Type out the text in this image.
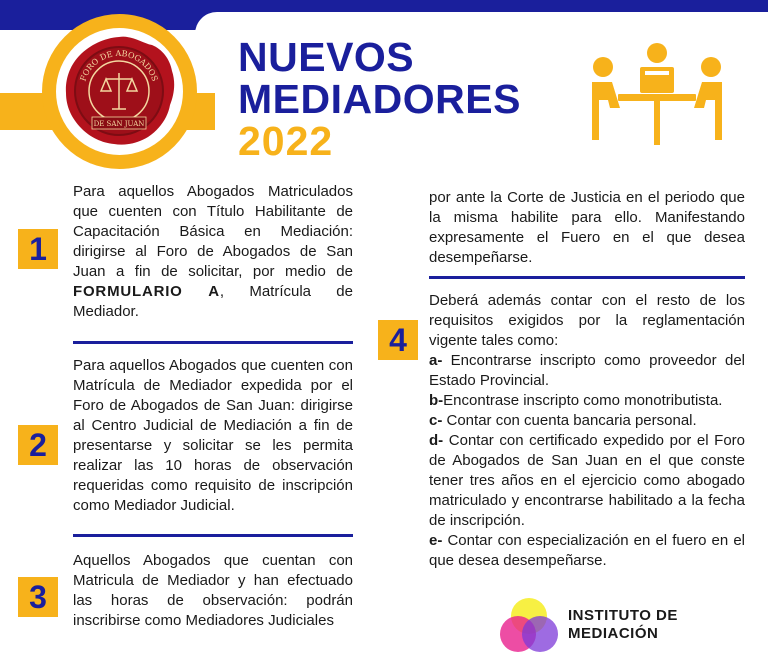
FORO DE ABOGADOS
DE SAN JUAN
NUEVOS
MEDIADORES
2022
1
Para aquellos Abogados Matriculados que cuenten con Título Habilitante de Capacitación Básica en Mediación: dirigirse al Foro de Abogados de San Juan a fin de solicitar, por medio de FORMULARIO A, Matrícula de Mediador.
2
Para aquellos Abogados que cuenten con Matrícula de Mediador expedida por el Foro de Abogados de San Juan: dirigirse al Centro Judicial de Mediación a fin de presentarse y solicitar se les permita realizar las 10 horas de observación requeridas como requisito de inscripción como Mediador Judicial.
3
Aquellos Abogados que cuentan con Matricula de Mediador y han efectuado las horas de observación: podrán inscribirse como Mediadores Judiciales
por ante la Corte de Justicia en el periodo que la misma habilite para ello. Manifestando expresamente el Fuero en el que desea desempeñarse.
4
Deberá además contar con el resto de los requisitos exigidos por la reglamentación vigente tales como:
a- Encontrarse inscripto como proveedor del Estado Provincial.
b-Encontrase inscripto como monotributista.
c- Contar con cuenta bancaria personal.
d- Contar con certificado expedido por el Foro de Abogados de San Juan en el que conste tener tres años en el ejercicio como abogado matriculado y encontrarse habilitado a la fecha de inscripción.
e- Contar con especialización en el fuero en el que desea desempeñarse.
INSTITUTO DE
MEDIACIÓN
